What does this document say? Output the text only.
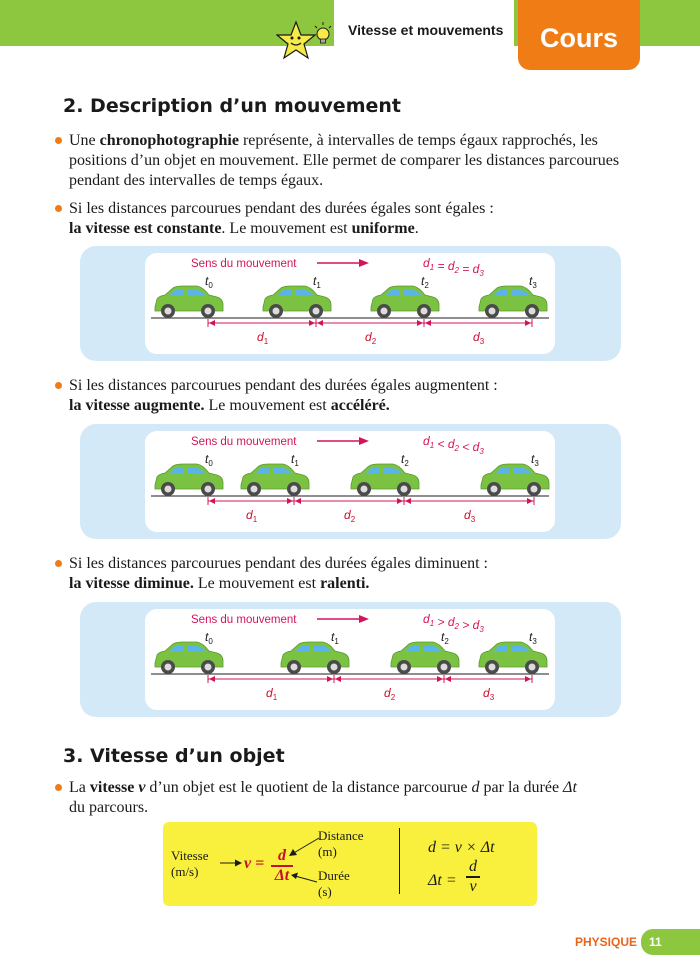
Vitesse et mouvements	Cours
2. Description d’un mouvement
Une chronophotographie représente, à intervalles de temps égaux rapprochés, les positions d’un objet en mouvement. Elle permet de comparer les distances parcourues pendant des intervalles de temps égaux.
Si les distances parcourues pendant des durées égales sont égales :
la vitesse est constante. Le mouvement est uniforme.
Sens du mouvement	$d_1 = d_2 = d_3$
$t_0$	$t_1$	$t_2$	$t_3$
$d_1$	$d_2$	$d_3$
Si les distances parcourues pendant des durées égales augmentent :
la vitesse augmente. Le mouvement est accéléré.
Sens du mouvement	$d_1 < d_2 < d_3$
$t_0$	$t_1$	$t_2$	$t_3$
$d_1$	$d_2$	$d_3$
Si les distances parcourues pendant des durées égales diminuent :
la vitesse diminue. Le mouvement est ralenti.
Sens du mouvement	$d_1 > d_2 > d_3$
$t_0$	$t_1$	$t_2$	$t_3$
$d_1$	$d_2$	$d_3$
3. Vitesse d’un objet
La vitesse v d’un objet est le quotient de la distance parcourue d par la durée Δt
du parcours.
Vitesse
(m/s)	v = d
Δt
Distance
(m)
Durée
(s)
d = v × Δt
Δt =
d
v
PHYSIQUE 11
